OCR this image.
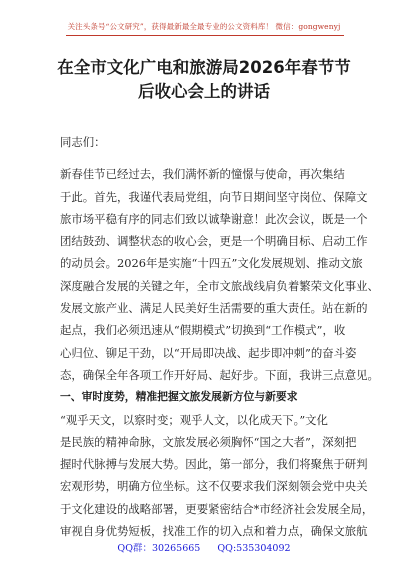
关注头条号“公文研究”，获得最新最全最专业的公文资料库！ 微信：gongwenyj
在全市文化广电和旅游局2026年春节节
后收心会上的讲话
同志们：
新春佳节已经过去，我们满怀新的憧憬与使命，再次集结
于此。首先，我谨代表局党组，向节日期间坚守岗位、保障文
旅市场平稳有序的同志们致以诚挚谢意！此次会议，既是一个
团结鼓劲、调整状态的收心会，更是一个明确目标、启动工作
的动员会。2026年是实施“十四五”文化发展规划、推动文旅
深度融合发展的关键之年，全市文旅战线肩负着繁荣文化事业、
发展文旅产业、满足人民美好生活需要的重大责任。站在新的
起点，我们必须迅速从“假期模式”切换到“工作模式”，收
心归位、铆足干劲，以“开局即决战、起步即冲刺”的奋斗姿
态，确保全年各项工作开好局、起好步。下面，我讲三点意见。
一、审时度势，精准把握文旅发展新方位与新要求
“观乎天文，以察时变；观乎人文，以化成天下。”文化
是民族的精神命脉，文旅发展必须胸怀“国之大者”，深刻把
握时代脉搏与发展大势。因此，第一部分，我们将聚焦于研判
宏观形势，明确方位坐标。这不仅要求我们深刻领会党中央关
于文化建设的战略部署，更要紧密结合*市经济社会发展全局，
审视自身优势短板，找准工作的切入点和着力点，确保文旅航
QQ群：30265665 QQ:535304092
